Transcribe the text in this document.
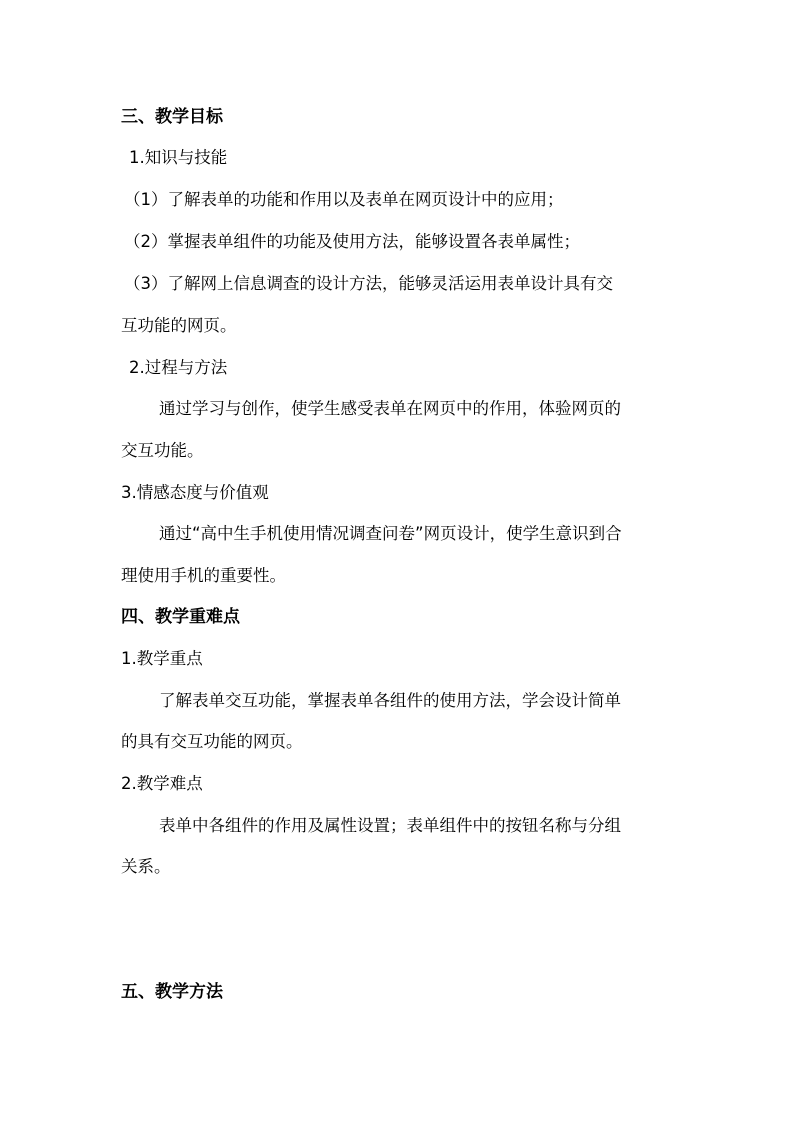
三、教学目标
1.知识与技能
（1）了解表单的功能和作用以及表单在网页设计中的应用；
（2）掌握表单组件的功能及使用方法，能够设置各表单属性；
（3）了解网上信息调查的设计方法，能够灵活运用表单设计具有交
互功能的网页。
2.过程与方法
通过学习与创作，使学生感受表单在网页中的作用，体验网页的
交互功能。
3.情感态度与价值观
通过“高中生手机使用情况调查问卷”网页设计，使学生意识到合
理使用手机的重要性。
四、教学重难点
1.教学重点
了解表单交互功能，掌握表单各组件的使用方法，学会设计简单
的具有交互功能的网页。
2.教学难点
表单中各组件的作用及属性设置；表单组件中的按钮名称与分组
关系。
五、教学方法
